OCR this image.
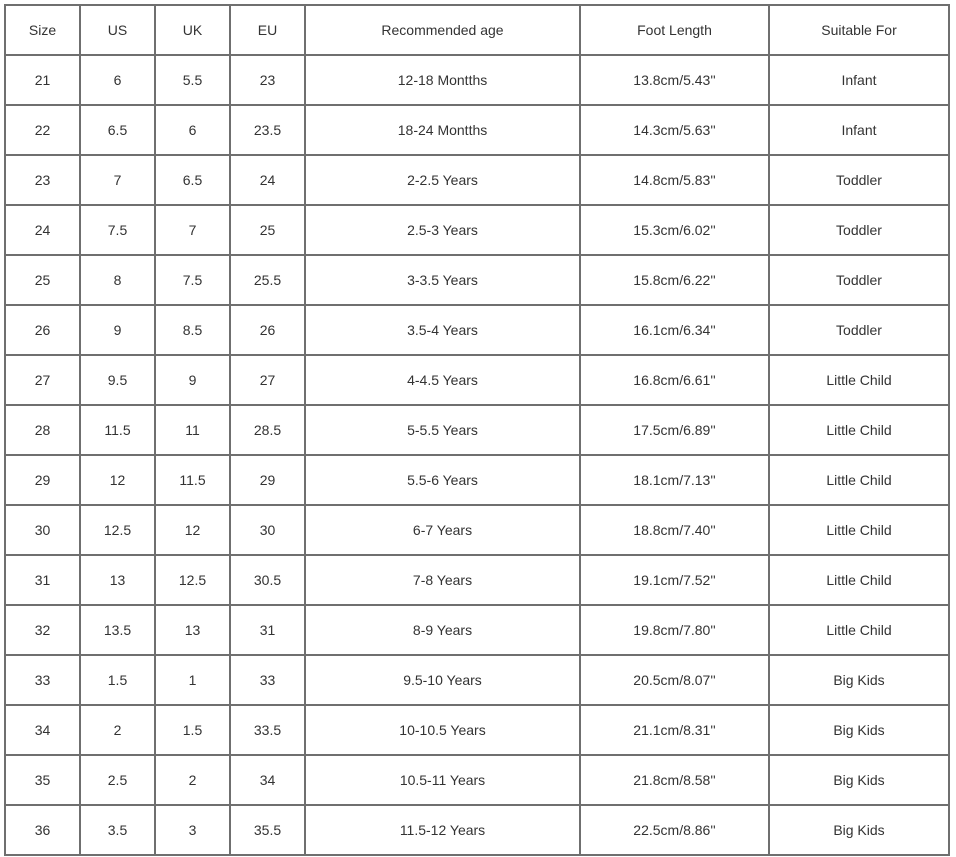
Size	US	UK	EU	Recommended age	Foot Length	Suitable For
21	6	5.5	23	12-18 Montths	13.8cm/5.43''	Infant
22	6.5	6	23.5	18-24 Montths	14.3cm/5.63''	Infant
23	7	6.5	24	2-2.5 Years	14.8cm/5.83''	Toddler
24	7.5	7	25	2.5-3 Years	15.3cm/6.02''	Toddler
25	8	7.5	25.5	3-3.5 Years	15.8cm/6.22''	Toddler
26	9	8.5	26	3.5-4 Years	16.1cm/6.34''	Toddler
27	9.5	9	27	4-4.5 Years	16.8cm/6.61''	Little Child
28	11.5	11	28.5	5-5.5 Years	17.5cm/6.89''	Little Child
29	12	11.5	29	5.5-6 Years	18.1cm/7.13''	Little Child
30	12.5	12	30	6-7 Years	18.8cm/7.40''	Little Child
31	13	12.5	30.5	7-8 Years	19.1cm/7.52''	Little Child
32	13.5	13	31	8-9 Years	19.8cm/7.80''	Little Child
33	1.5	1	33	9.5-10 Years	20.5cm/8.07''	Big Kids
34	2	1.5	33.5	10-10.5 Years	21.1cm/8.31''	Big Kids
35	2.5	2	34	10.5-11 Years	21.8cm/8.58''	Big Kids
36	3.5	3	35.5	11.5-12 Years	22.5cm/8.86''	Big Kids
